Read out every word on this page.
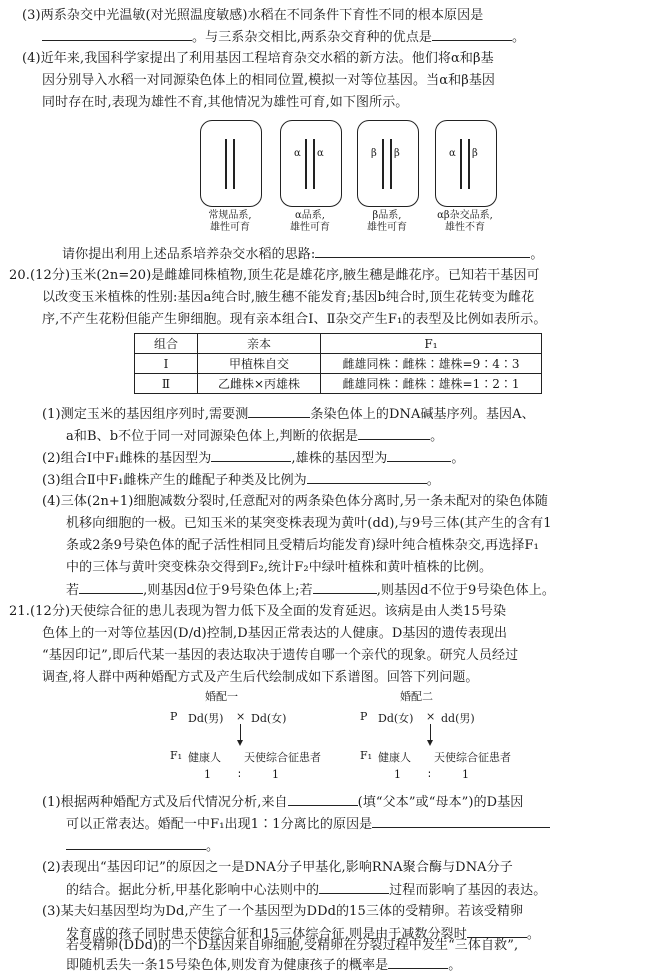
(3)两系杂交中光温敏(对光照温度敏感)水稻在不同条件下育性不同的根本原因是
。与三系杂交相比,两系杂交育种的优点是	。
(4)近年来,我国科学家提出了利用基因工程培育杂交水稻的新方法。他们将α和β基
因分别导入水稻一对同源染色体上的相同位置,模拟一对等位基因。当α和β基因
同时存在时,表现为雄性不育,其他情况为雄性可育,如下图所示。
常规品系,
雄性可育
α α
α品系,
雄性可育
β β
β品系,
雄性可育
α β
αβ杂交品系,
雄性不育
请你提出利用上述品系培养杂交水稻的思路:	。
20.(12分)玉米(2n=20)是雌雄同株植物,顶生花是雄花序,腋生穗是雌花序。已知若干基因可
以改变玉米植株的性别:基因a纯合时,腋生穗不能发育;基因b纯合时,顶生花转变为雌花
序,不产生花粉但能产生卵细胞。现有亲本组合Ⅰ、Ⅱ杂交产生F₁的表型及比例如表所示。
组合	亲本	F₁
Ⅰ	甲植株自交	雌雄同株∶雌株∶雄株=9∶4∶3
Ⅱ	乙雌株×丙雄株	雌雄同株∶雌株∶雄株=1∶2∶1
(1)测定玉米的基因组序列时,需要测	条染色体上的DNA碱基序列。基因A、
a和B、b不位于同一对同源染色体上,判断的依据是	。
(2)组合Ⅰ中F₁雌株的基因型为	,雄株的基因型为	。
(3)组合Ⅱ中F₁雌株产生的雌配子种类及比例为	。
(4)三体(2n+1)细胞减数分裂时,任意配对的两条染色体分离时,另一条未配对的染色体随
机移向细胞的一极。已知玉米的某突变株表现为黄叶(dd),与9号三体(其产生的含有1
条或2条9号染色体的配子活性相同且受精后均能发育)绿叶纯合植株杂交,再选择F₁
中的三体与黄叶突变株杂交得到F₂,统计F₂中绿叶植株和黄叶植株的比例。
若	,则基因d位于9号染色体上;若	,则基因d不位于9号染色体上。
21.(12分)天使综合征的患儿表现为智力低下及全面的发育延迟。该病是由人类15号染
色体上的一对等位基因(D/d)控制,D基因正常表达的人健康。D基因的遗传表现出
“基因印记”,即后代某一基因的表达取决于遗传自哪一个亲代的现象。研究人员经过
调查,将人群中两种婚配方式及产生后代绘制成如下系谱图。回答下列问题。
婚配一
P Dd(男) × Dd(女)
F₁ 健康人 天使综合征患者
1 ∶	1
婚配二
P Dd(女) × dd(男)
F₁ 健康人 天使综合征患者
1 ∶	1
(1)根据两种婚配方式及后代情况分析,来自	(填“父本”或“母本”)的D基因
可以正常表达。婚配一中F₁出现1∶1分离比的原因是
。
(2)表现出“基因印记”的原因之一是DNA分子甲基化,影响RNA聚合酶与DNA分子
的结合。据此分析,甲基化影响中心法则中的	过程而影响了基因的表达。
(3)某夫妇基因型均为Dd,产生了一个基因型为DDd的15三体的受精卵。若该受精卵
发育成的孩子同时患天使综合征和15三体综合征,则是由于减数分裂时	。
若受精卵(DDd)的一个D基因来自卵细胞,受精卵在分裂过程中发生“三体自救”,
即随机丢失一条15号染色体,则发育为健康孩子的概率是	。
